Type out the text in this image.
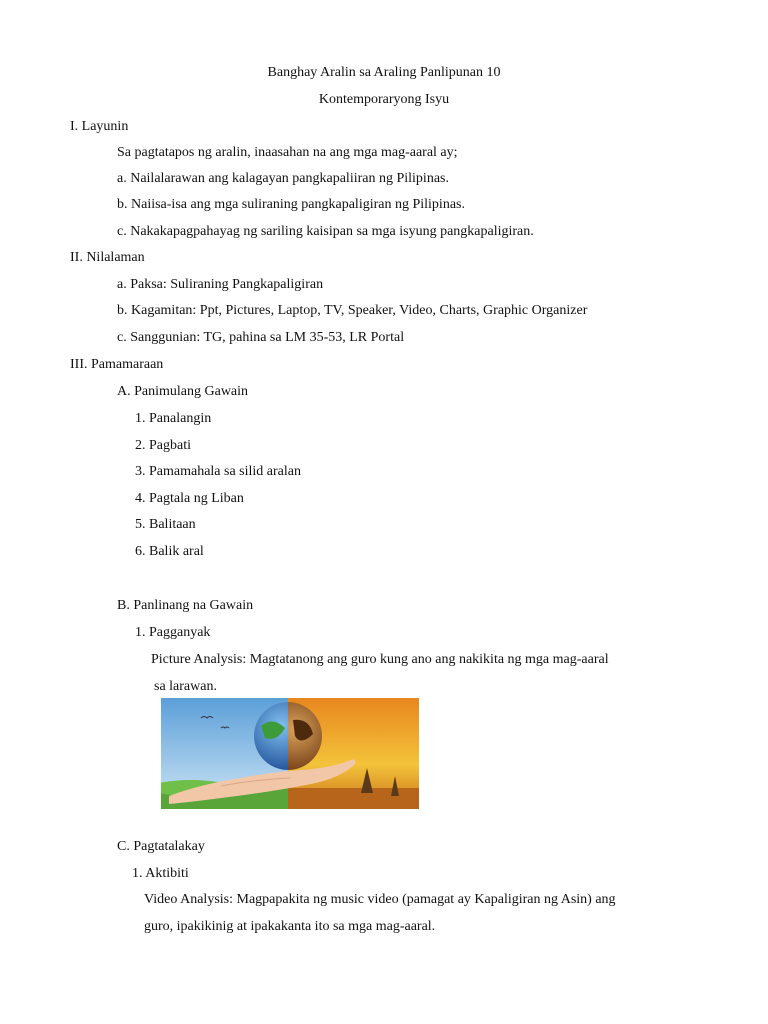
Banghay Aralin sa Araling Panlipunan 10
Kontemporaryong Isyu
I. Layunin
Sa pagtatapos ng aralin, inaasahan na ang mga mag-aaral ay;
a. Nailalarawan ang kalagayan pangkapaliiran ng Pilipinas.
b. Naiisa-isa ang mga suliraning pangkapaligiran ng Pilipinas.
c. Nakakapagpahayag ng sariling kaisipan sa mga isyung pangkapaligiran.
II. Nilalaman
a. Paksa: Suliraning Pangkapaligiran
b. Kagamitan: Ppt, Pictures, Laptop, TV, Speaker, Video, Charts, Graphic Organizer
c. Sanggunian: TG, pahina sa LM 35-53, LR Portal
III. Pamamaraan
A. Panimulang Gawain
1. Panalangin
2. Pagbati
3. Pamamahala sa silid aralan
4. Pagtala ng Liban
5. Balitaan
6. Balik aral
B. Panlinang na Gawain
1. Pagganyak
Picture Analysis: Magtatanong ang guro kung ano ang nakikita ng mga mag-aaral
sa larawan.
C. Pagtatalakay
1. Aktibiti
Video Analysis: Magpapakita ng music video (pamagat ay Kapaligiran ng Asin) ang
guro, ipakikinig at ipakakanta ito sa mga mag-aaral.
